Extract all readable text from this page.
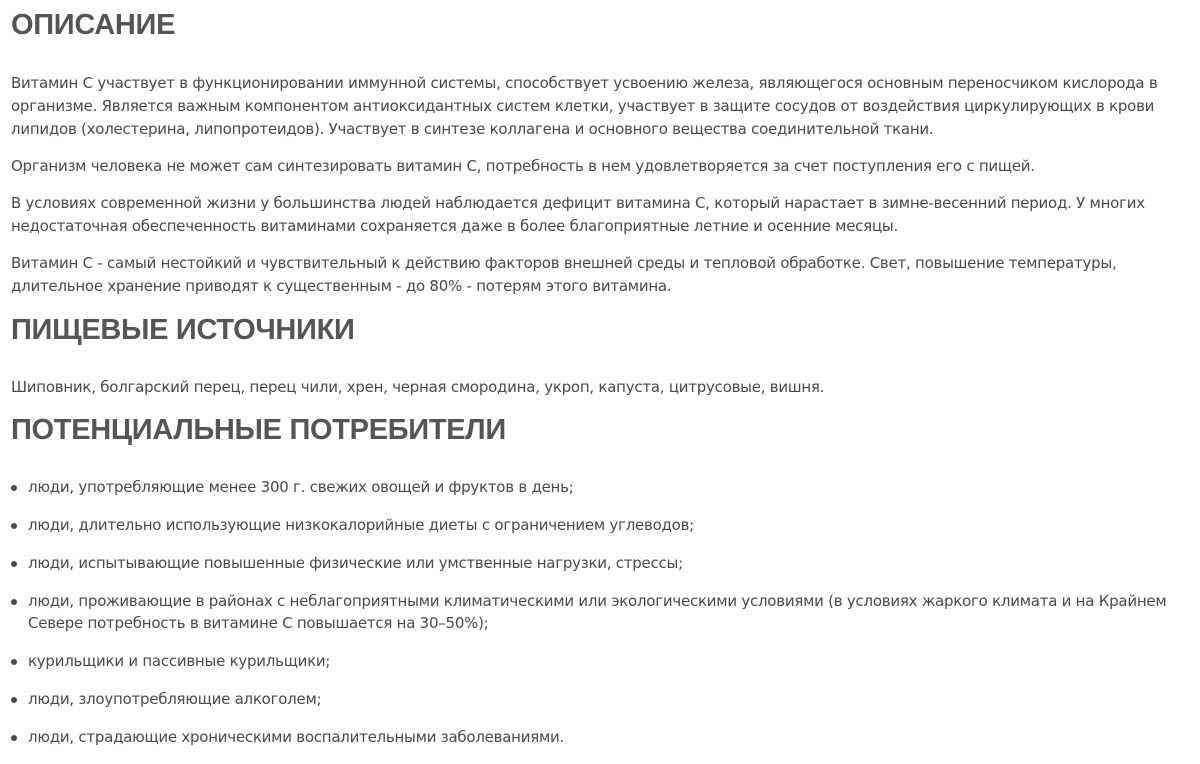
ОПИСАНИЕ

Витамин С участвует в функционировании иммунной системы, способствует усвоению железа, являющегося основным переносчиком кислорода в организме. Является важным компонентом антиоксидантных систем клетки, участвует в защите сосудов от воздействия циркулирующих в крови липидов (холестерина, липопротеидов). Участвует в синтезе коллагена и основного вещества соединительной ткани.

Организм человека не может сам синтезировать витамин С, потребность в нем удовлетворяется за счет поступления его с пищей.

В условиях современной жизни у большинства людей наблюдается дефицит витамина С, который нарастает в зимне-весенний период. У многих недостаточная обеспеченность витаминами сохраняется даже в более благоприятные летние и осенние месяцы.

Витамин С - самый нестойкий и чувствительный к действию факторов внешней среды и тепловой обработке. Свет, повышение температуры, длительное хранение приводят к существенным - до 80% - потерям этого витамина.

ПИЩЕВЫЕ ИСТОЧНИКИ

Шиповник, болгарский перец, перец чили, хрен, черная смородина, укроп, капуста, цитрусовые, вишня.

ПОТЕНЦИАЛЬНЫЕ ПОТРЕБИТЕЛИ
люди, употребляющие менее 300 г. свежих овощей и фруктов в день;
люди, длительно использующие низкокалорийные диеты с ограничением углеводов;
люди, испытывающие повышенные физические или умственные нагрузки, стрессы;
люди, проживающие в районах с неблагоприятными климатическими или экологическими условиями (в условиях жаркого климата и на Крайнем Севере потребность в витамине С повышается на 30–50%);
курильщики и пассивные курильщики;
люди, злоупотребляющие алкоголем;
люди, страдающие хроническими воспалительными заболеваниями.
